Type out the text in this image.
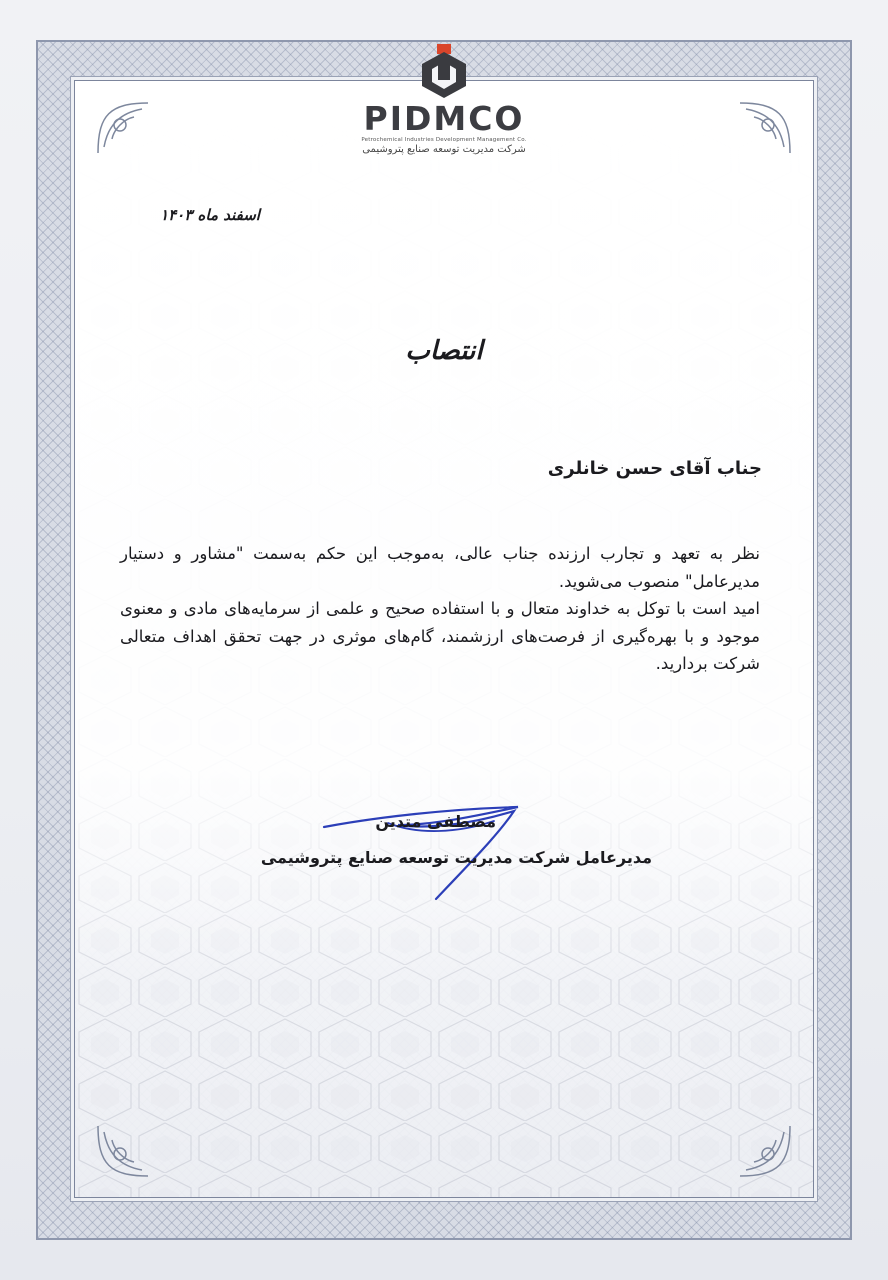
PIDMCO
Petrochemical Industries Development Management Co.
شرکت مدیریت توسعه صنایع پتروشیمی
اسفند ماه ۱۴۰۳
انتصاب
جناب آقای حسن خانلری

نظر به تعهد و تجارب ارزنده جناب عالی، به‌موجب این حکم به‌سمت "مشاور و دستیار مدیرعامل" منصوب می‌شوید.

امید است با توکل به خداوند متعال و با استفاده صحیح و علمی از سرمایه‌های مادی و معنوی موجود و با بهره‌گیری از فرصت‌های ارزشمند، گام‌های موثری در جهت تحقق اهداف متعالی شرکت بردارید.

مصطفی متدین
مدیرعامل شرکت مدیریت توسعه صنایع پتروشیمی
